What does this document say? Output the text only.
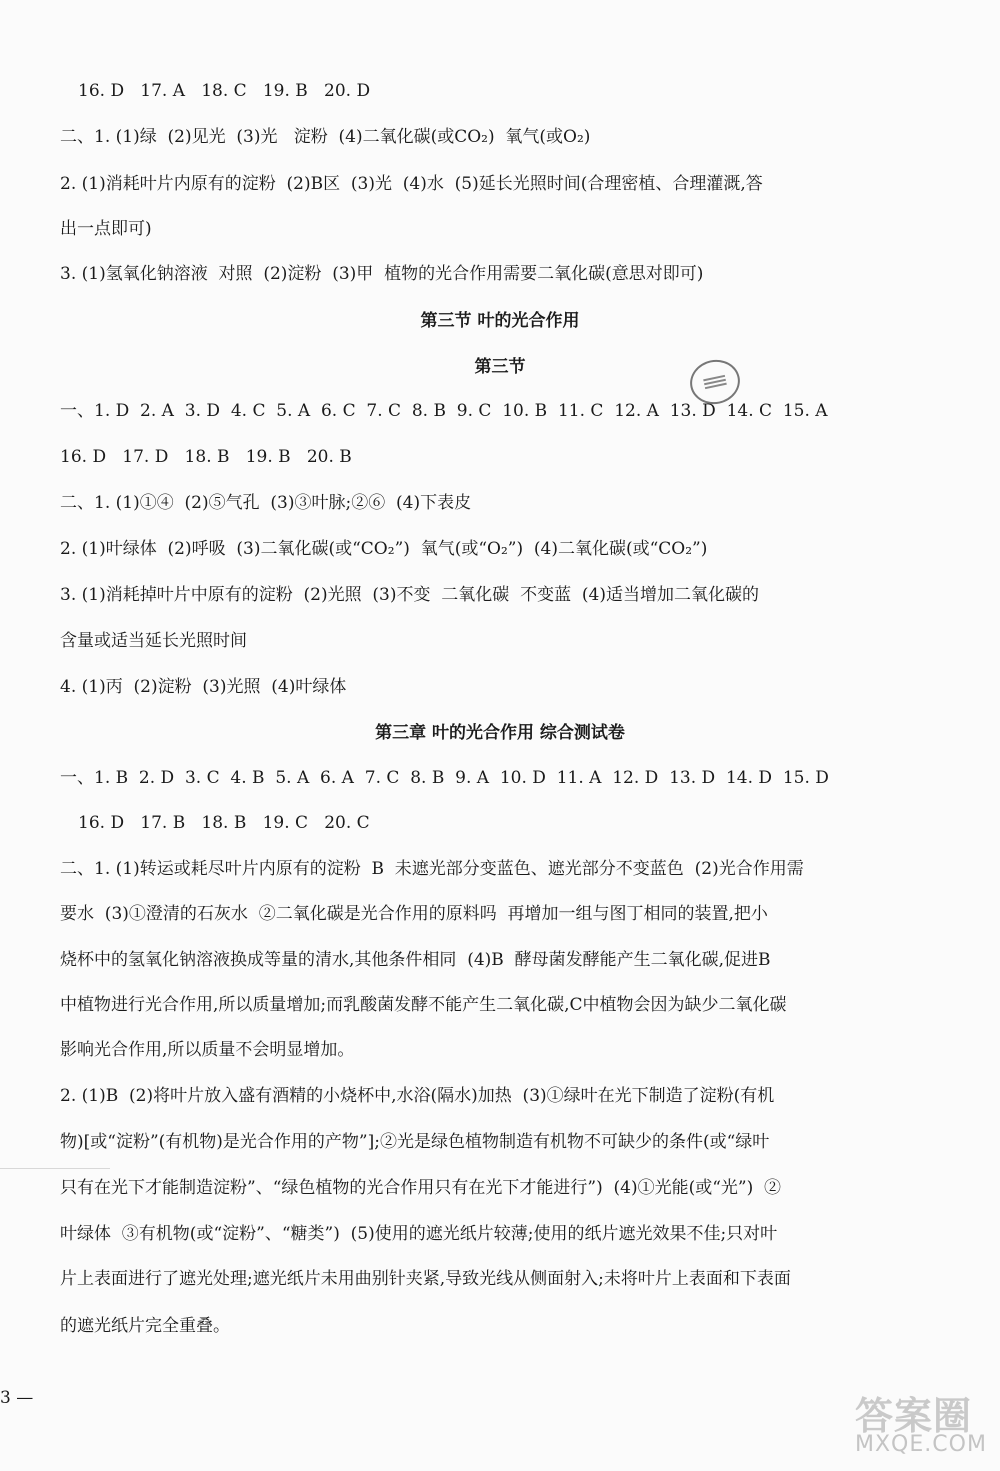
16. D   17. A   18. C   19. B   20. D
二、1. (1)绿  (2)见光  (3)光   淀粉  (4)二氧化碳(或CO₂)  氧气(或O₂)
2. (1)消耗叶片内原有的淀粉  (2)B区  (3)光  (4)水  (5)延长光照时间(合理密植、合理灌溉,答
出一点即可)
3. (1)氢氧化钠溶液  对照  (2)淀粉  (3)甲  植物的光合作用需要二氧化碳(意思对即可)
第三节 叶的光合作用
第三节
一、1. D  2. A  3. D  4. C  5. A  6. C  7. C  8. B  9. C  10. B  11. C  12. A  13. D  14. C  15. A
16. D   17. D   18. B   19. B   20. B
二、1. (1)①④  (2)⑤气孔  (3)③叶脉;②⑥  (4)下表皮
2. (1)叶绿体  (2)呼吸  (3)二氧化碳(或“CO₂”)  氧气(或“O₂”)  (4)二氧化碳(或“CO₂”)
3. (1)消耗掉叶片中原有的淀粉  (2)光照  (3)不变  二氧化碳  不变蓝  (4)适当增加二氧化碳的
含量或适当延长光照时间
4. (1)丙  (2)淀粉  (3)光照  (4)叶绿体
第三章 叶的光合作用 综合测试卷
一、1. B  2. D  3. C  4. B  5. A  6. A  7. C  8. B  9. A  10. D  11. A  12. D  13. D  14. D  15. D
16. D   17. B   18. B   19. C   20. C
二、1. (1)转运或耗尽叶片内原有的淀粉  B  未遮光部分变蓝色、遮光部分不变蓝色  (2)光合作用需
要水  (3)①澄清的石灰水  ②二氧化碳是光合作用的原料吗  再增加一组与图丁相同的装置,把小
烧杯中的氢氧化钠溶液换成等量的清水,其他条件相同  (4)B  酵母菌发酵能产生二氧化碳,促进B
中植物进行光合作用,所以质量增加;而乳酸菌发酵不能产生二氧化碳,C中植物会因为缺少二氧化碳
影响光合作用,所以质量不会明显增加。
2. (1)B  (2)将叶片放入盛有酒精的小烧杯中,水浴(隔水)加热  (3)①绿叶在光下制造了淀粉(有机
物)[或“淀粉”(有机物)是光合作用的产物”];②光是绿色植物制造有机物不可缺少的条件(或“绿叶
只有在光下才能制造淀粉”、“绿色植物的光合作用只有在光下才能进行”)  (4)①光能(或“光”)  ②
叶绿体  ③有机物(或“淀粉”、“糖类”)  (5)使用的遮光纸片较薄;使用的纸片遮光效果不佳;只对叶
片上表面进行了遮光处理;遮光纸片未用曲别针夹紧,导致光线从侧面射入;未将叶片上表面和下表面
的遮光纸片完全重叠。
3 —	答案圈
MXQE.COM
